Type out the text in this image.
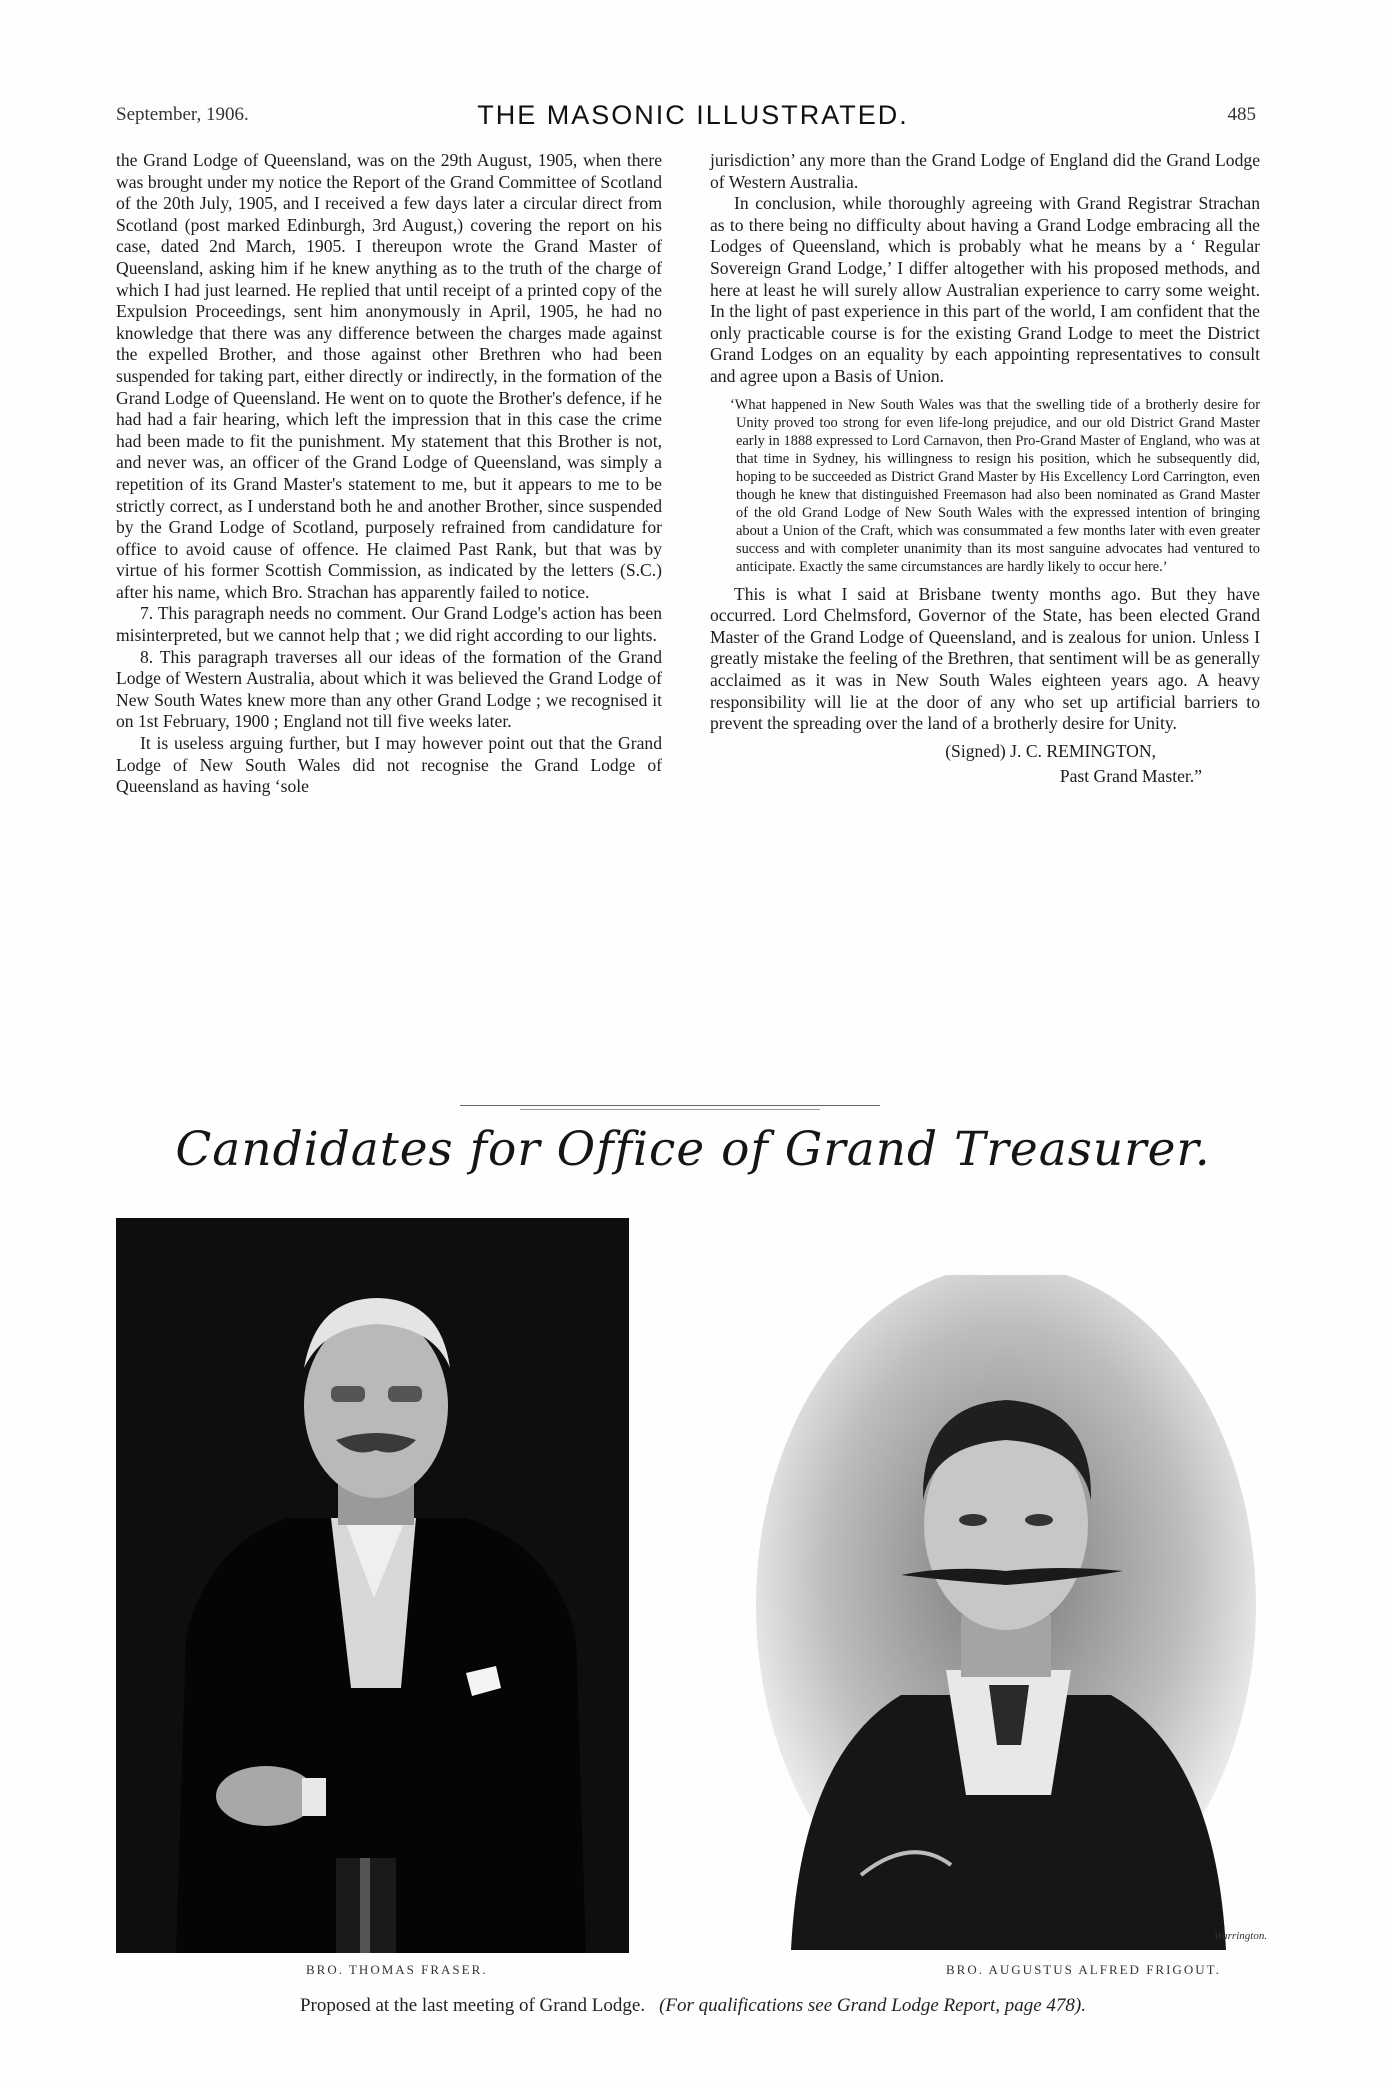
September, 1906.	THE MASONIC ILLUSTRATED.	485

the Grand Lodge of Queensland, was on the 29th August, 1905, when there was brought under my notice the Report of the Grand Committee of Scotland of the 20th July, 1905, and I received a few days later a circular direct from Scotland (post marked Edinburgh, 3rd August,) covering the report on his case, dated 2nd March, 1905. I thereupon wrote the Grand Master of Queensland, asking him if he knew anything as to the truth of the charge of which I had just learned. He replied that until receipt of a printed copy of the Expulsion Proceedings, sent him anonymously in April, 1905, he had no knowledge that there was any difference between the charges made against the expelled Brother, and those against other Brethren who had been suspended for taking part, either directly or indirectly, in the formation of the Grand Lodge of Queensland. He went on to quote the Brother's defence, if he had had a fair hearing, which left the impression that in this case the crime had been made to fit the punishment. My statement that this Brother is not, and never was, an officer of the Grand Lodge of Queensland, was simply a repetition of its Grand Master's statement to me, but it appears to me to be strictly correct, as I understand both he and another Brother, since suspended by the Grand Lodge of Scotland, purposely refrained from candidature for office to avoid cause of offence. He claimed Past Rank, but that was by virtue of his former Scottish Commission, as indicated by the letters (S.C.) after his name, which Bro. Strachan has apparently failed to notice.

7. This paragraph needs no comment. Our Grand Lodge's action has been misinterpreted, but we cannot help that ; we did right according to our lights.

8. This paragraph traverses all our ideas of the formation of the Grand Lodge of Western Australia, about which it was believed the Grand Lodge of New South Wates knew more than any other Grand Lodge ; we recognised it on 1st February, 1900 ; England not till five weeks later.

It is useless arguing further, but I may however point out that the Grand Lodge of New South Wales did not recognise the Grand Lodge of Queensland as having ‘sole

jurisdiction’ any more than the Grand Lodge of England did the Grand Lodge of Western Australia.

In conclusion, while thoroughly agreeing with Grand Registrar Strachan as to there being no difficulty about having a Grand Lodge embracing all the Lodges of Queensland, which is probably what he means by a ‘ Regular Sovereign Grand Lodge,’ I differ altogether with his proposed methods, and here at least he will surely allow Australian experience to carry some weight. In the light of past experience in this part of the world, I am confident that the only practicable course is for the existing Grand Lodge to meet the District Grand Lodges on an equality by each appointing representatives to consult and agree upon a Basis of Union.

‘What happened in New South Wales was that the swelling tide of a brotherly desire for Unity proved too strong for even life-long prejudice, and our old District Grand Master early in 1888 expressed to Lord Carnavon, then Pro-Grand Master of England, who was at that time in Sydney, his willingness to resign his position, which he subsequently did, hoping to be succeeded as District Grand Master by His Excellency Lord Carrington, even though he knew that distinguished Freemason had also been nominated as Grand Master of the old Grand Lodge of New South Wales with the expressed intention of bringing about a Union of the Craft, which was consummated a few months later with even greater success and with completer unanimity than its most sanguine advocates had ventured to anticipate. Exactly the same circumstances are hardly likely to occur here.’

This is what I said at Brisbane twenty months ago. But they have occurred. Lord Chelmsford, Governor of the State, has been elected Grand Master of the Grand Lodge of Queensland, and is zealous for union. Unless I greatly mistake the feeling of the Brethren, that sentiment will be as generally acclaimed as it was in New South Wales eighteen years ago. A heavy responsibility will lie at the door of any who set up artificial barriers to prevent the spreading over the land of a brotherly desire for Unity.

(Signed) J. C. REMINGTON,
Past Grand Master.”
Candidates for Office of Grand Treasurer.
Warrington.
BRO. THOMAS FRASER.	BRO. AUGUSTUS ALFRED FRIGOUT.
Proposed at the last meeting of Grand Lodge. (For qualifications see Grand Lodge Report, page 478).
